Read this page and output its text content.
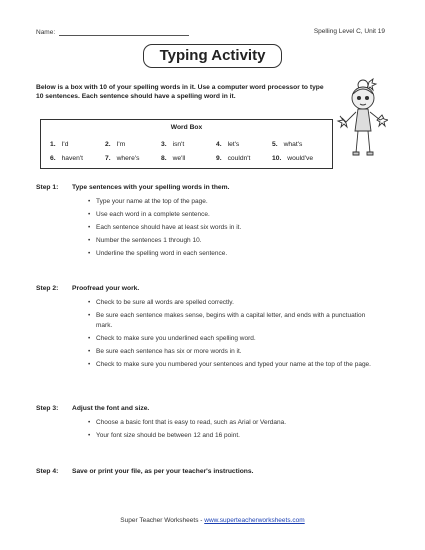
Name:	Spelling Level C, Unit 19
Typing Activity
Below is a box with 10 of your spelling words in it. Use a computer word processor to type 10 sentences. Each sentence should have a spelling word in it.
Word Box
1. I'd	2. I'm	3. isn't	4. let's	5. what's
6. haven't	7. where's	8. we'll	9. couldn't	10. would've
Step 1:	Type sentences with your spelling words in them.
• Type your name at the top of the page.
• Use each word in a complete sentence.
• Each sentence should have at least six words in it.
• Number the sentences 1 through 10.
• Underline the spelling word in each sentence.
Step 2:	Proofread your work.
• Check to be sure all words are spelled correctly.
• Be sure each sentence makes sense, begins with a capital letter, and ends with a punctuation mark.
• Check to make sure you underlined each spelling word.
• Be sure each sentence has six or more words in it.
• Check to make sure you numbered your sentences and typed your name at the top of the page.
Step 3:	Adjust the font and size.
• Choose a basic font that is easy to read, such as Arial or Verdana.
• Your font size should be between 12 and 16 point.
Step 4:	Save or print your file, as per your teacher's instructions.
Super Teacher Worksheets - www.superteacherworksheets.com
